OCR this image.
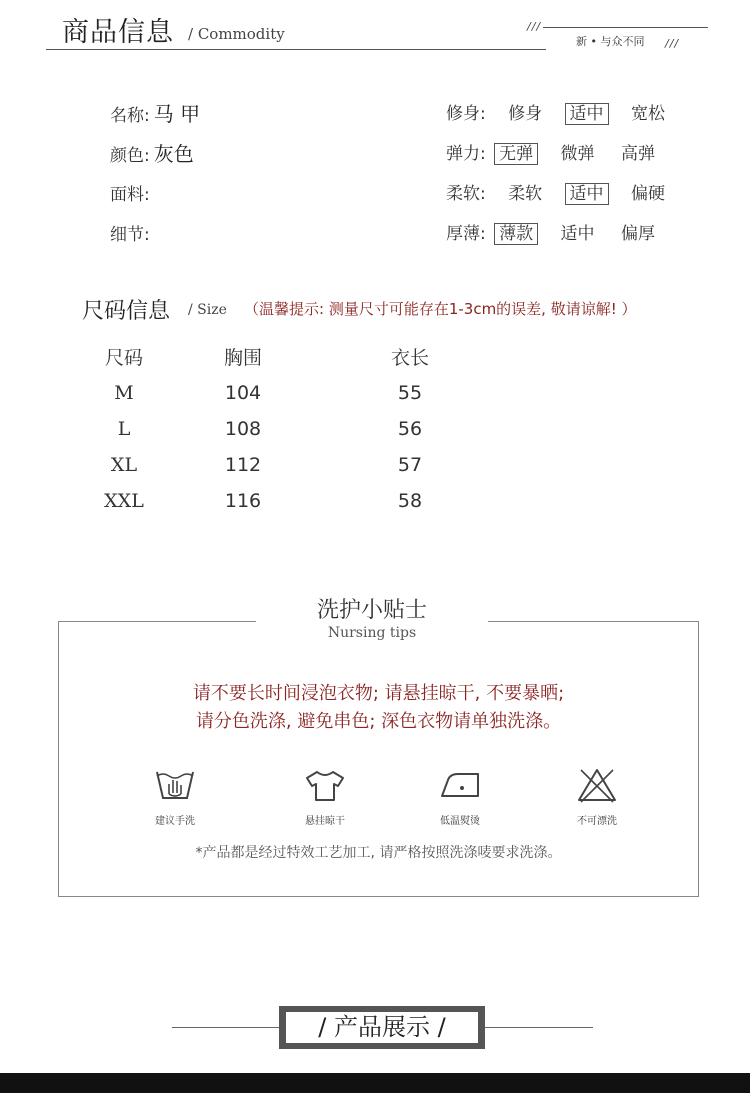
商品信息 / Commodity	///
新 • 与众不同 ///
名称: 马 甲
颜色: 灰色
面料:
细节:
修身: 修身 适中 宽松
弹力: 无弹 微弹 高弹
柔软: 柔软 适中 偏硬
厚薄: 薄款 适中 偏厚
尺码信息 / Size （温馨提示: 测量尺寸可能存在1-3cm的误差, 敬请谅解! ）
尺码	胸围	衣长
M	104	55
L	108	56
XL	112	57
XXL	116	58
洗护小贴士
Nursing tips
请不要长时间浸泡衣物; 请悬挂晾干, 不要暴晒;
请分色洗涤, 避免串色; 深色衣物请单独洗涤。
建议手洗	悬挂晾干	低温熨烫	不可漂洗
*产品都是经过特效工艺加工, 请严格按照洗涤唛要求洗涤。
/ 产品展示 /
